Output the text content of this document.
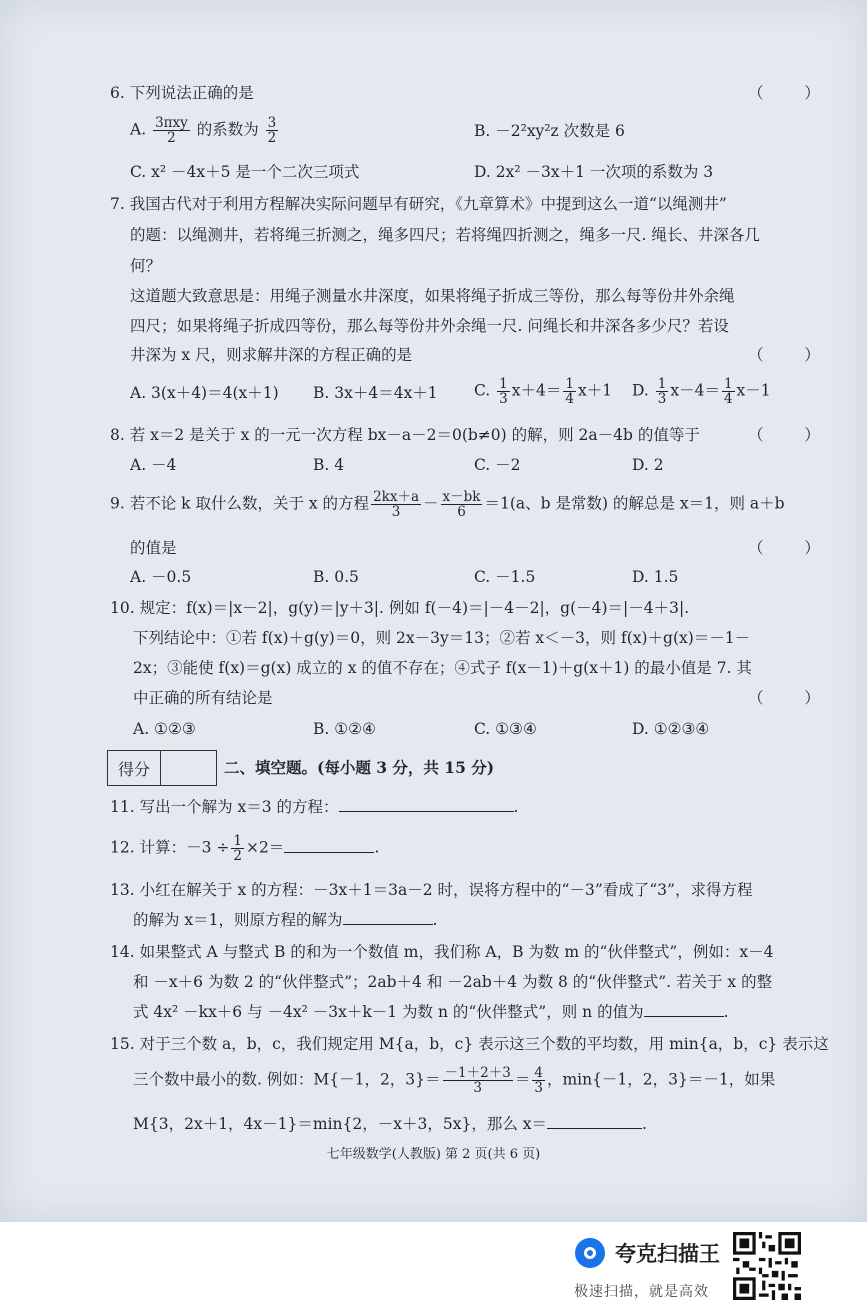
6. 下列说法正确的是	（ ）
A. $\frac{\text{3πxy}}{2}$ 的系数为 $\frac{3}{2}$	B. －2²xy²z 次数是 6
C. x² －4x＋5 是一个二次三项式	D. 2x² －3x＋1 一次项的系数为 3
7. 我国古代对于利用方程解决实际问题早有研究，《九章算术》中提到这么一道“以绳测井”
的题：以绳测井，若将绳三折测之，绳多四尺；若将绳四折测之，绳多一尺. 绳长、井深各几
何？
这道题大致意思是：用绳子测量水井深度，如果将绳子折成三等份，那么每等份井外余绳
四尺；如果将绳子折成四等份，那么每等份井外余绳一尺. 问绳长和井深各多少尺？若设
井深为 x 尺，则求解井深的方程正确的是	（ ）
A. 3(x＋4)＝4(x＋1) B. 3x＋4＝4x＋1 C. $\frac{1}{3} x+4= \frac{1}{4} x+1$ D. $\frac{1}{3} x-4= \frac{1}{4} x-1$
8. 若 x＝2 是关于 x 的一元一次方程 bx－a－2＝0(b≠0) 的解，则 2a－4b 的值等于	（ ）
A. －4	B. 4	C. －2	D. 2
9. 若不论 k 取什么数，关于 x 的方程 $\frac{2kx+a}{3} - \frac{x-bk}{6} =1(a$、b 是常数) 的解总是 x＝1，则 a＋b
的值是	（ ）
A. －0.5	B. 0.5	C. －1.5	D. 1.5
10. 规定：f(x)＝|x－2|，g(y)＝|y＋3|. 例如 f(－4)＝|－4－2|，g(－4)＝|－4＋3|.
下列结论中：①若 f(x)＋g(y)＝0，则 2x－3y＝13；②若 x＜－3，则 f(x)＋g(x)＝－1－
2x；③能使 f(x)＝g(x) 成立的 x 的值不存在；④式子 f(x－1)＋g(x＋1) 的最小值是 7. 其
中正确的所有结论是	（ ）
A. ①②③	B. ①②④	C. ①③④	D. ①②③④
得分	二、填空题。(每小题 3 分，共 15 分)
11. 写出一个解为 x＝3 的方程：	.
12. 计算：$-3 \div \frac{1}{2} \times 2=$	.
13. 小红在解关于 x 的方程：－3x＋1＝3a－2 时，误将方程中的“－3”看成了“3”，求得方程
的解为 x＝1，则原方程的解为	.
14. 如果整式 A 与整式 B 的和为一个数值 m，我们称 A，B 为数 m 的“伙伴整式”，例如：x－4
和 －x＋6 为数 2 的“伙伴整式”；2ab＋4 和 －2ab＋4 为数 8 的“伙伴整式”. 若关于 x 的整
式 4x² －kx＋6 与 －4x² －3x＋k－1 为数 n 的“伙伴整式”，则 n 的值为	.
15. 对于三个数 a，b，c，我们规定用 M{a，b，c} 表示这三个数的平均数，用 min{a，b，c} 表示这
三个数中最小的数. 例如：M{－1，2，$3\}= \frac{-1+2+3}{3} = \frac{4}{3}$ ，min{－1，2，3}＝－1，如果
M{3，2x＋1，4x－1}＝min{2，－x＋3，5x}，那么 x＝	.
七年级数学(人教版) 第 2 页(共 6 页)
夸克扫描王
极速扫描，就是高效
